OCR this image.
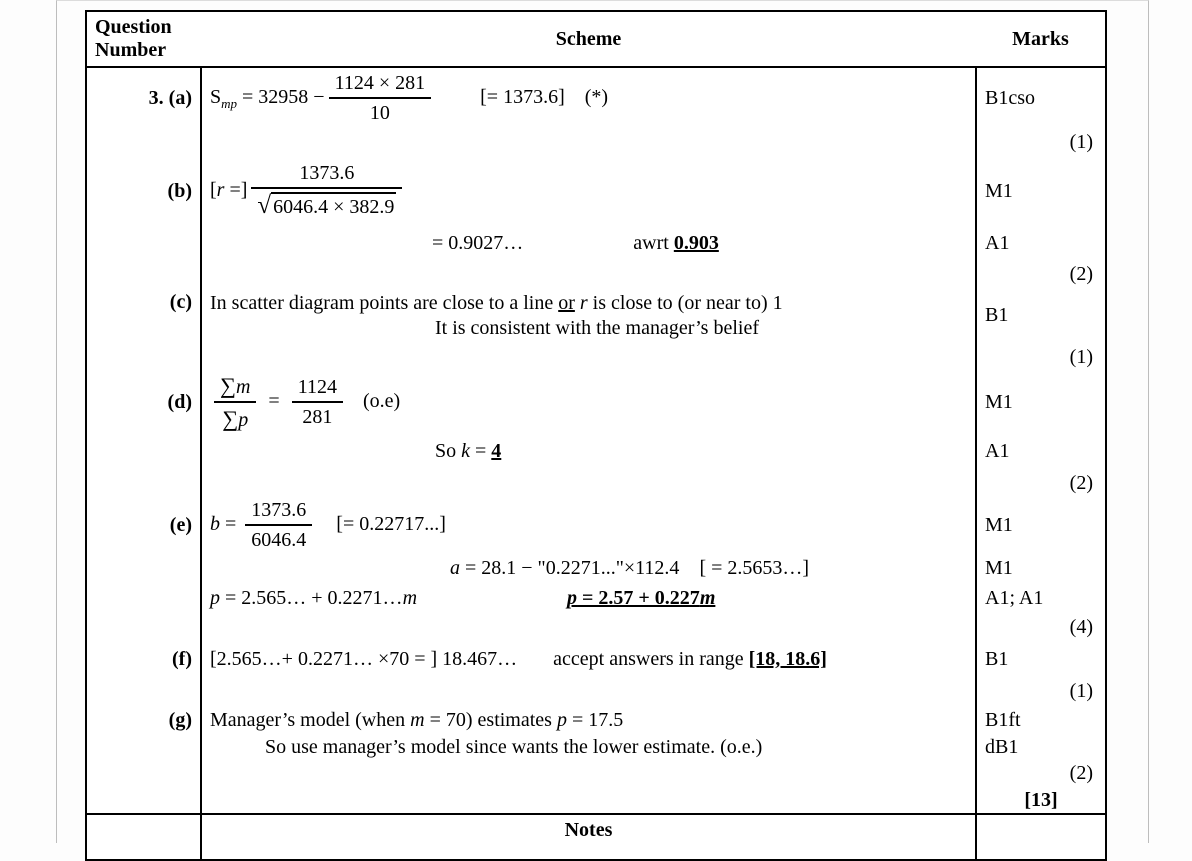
Question Number	Scheme	Marks
3. (a)	$S_{mp} = 32958 - \frac{1124 \times 281}{10}$ [= 1373.6] (*)	B1cso
		(1)
(b)	[r =] $\frac{1373.6}{√ 6046.4 \times 382.9}$	M1

	= 0.9027… awrt 0.903	A1
		(2)
(c)	In scatter diagram points are close to a line or r is close to (or near to) 1
It is consistent with the manager’s belief	B1
		(1)
(d)	$\frac{\sum m}{\sum p} = \frac{1124}{281} (o.e)$	M1

	So k = 4	A1
		(2)
(e)	$b = \frac{1373.6}{6046.4}$ [= 0.22717...]	M1

	a = 28.1 − "0.2271..."×112.4 [ = 2.5653…]	M1

	p = 2.565… + 0.2271…m p = 2.57 + 0.227m	A1; A1
		(4)
(f)	[2.565…+ 0.2271… ×70 = ] 18.467… accept answers in range [18, 18.6]	B1
		(1)
(g)	Manager’s model (when m = 70) estimates p = 17.5	B1ft

	So use manager’s model since wants the lower estimate. (o.e.)	dB1
		(2)
		[13]
	Notes	
